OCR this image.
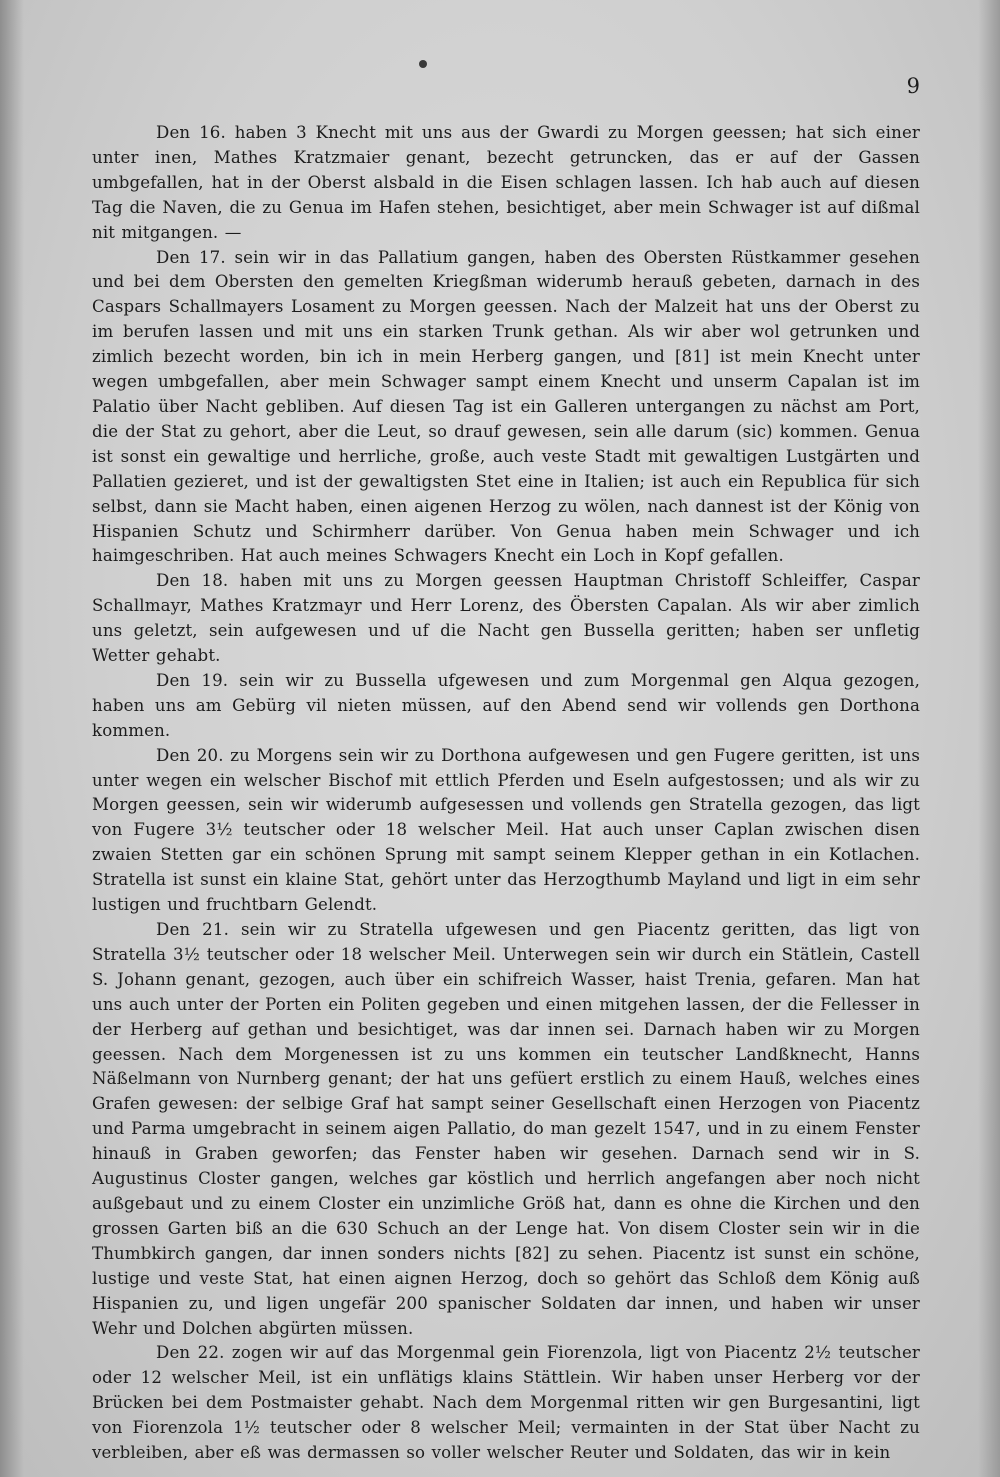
9

Den 16. haben 3 Knecht mit uns aus der Gwardi zu Morgen geessen; hat sich einer unter inen, Mathes Kratzmaier genant, bezecht getruncken, das er auf der Gassen umbgefallen, hat in der Oberst alsbald in die Eisen schlagen lassen. Ich hab auch auf diesen Tag die Naven, die zu Genua im Hafen stehen, besichtiget, aber mein Schwager ist auf dißmal nit mitgangen. —

Den 17. sein wir in das Pallatium gangen, haben des Obersten Rüstkammer gesehen und bei dem Obersten den gemelten Kriegßman widerumb herauß gebeten, darnach in des Caspars Schallmayers Losament zu Morgen geessen. Nach der Malzeit hat uns der Oberst zu im berufen lassen und mit uns ein starken Trunk gethan. Als wir aber wol getrunken und zimlich bezecht worden, bin ich in mein Herberg gangen, und [81] ist mein Knecht unter wegen umbgefallen, aber mein Schwager sampt einem Knecht und unserm Capalan ist im Palatio über Nacht gebliben. Auf diesen Tag ist ein Galleren untergangen zu nächst am Port, die der Stat zu gehort, aber die Leut, so drauf gewesen, sein alle darum (sic) kommen. Genua ist sonst ein gewaltige und herrliche, große, auch veste Stadt mit gewaltigen Lustgärten und Pallatien gezieret, und ist der gewaltigsten Stet eine in Italien; ist auch ein Republica für sich selbst, dann sie Macht haben, einen aigenen Herzog zu wölen, nach dannest ist der König von Hispanien Schutz und Schirmherr darüber. Von Genua haben mein Schwager und ich haimgeschriben. Hat auch meines Schwagers Knecht ein Loch in Kopf gefallen.

Den 18. haben mit uns zu Morgen geessen Hauptman Christoff Schleiffer, Caspar Schallmayr, Mathes Kratzmayr und Herr Lorenz, des Öbersten Capalan. Als wir aber zimlich uns geletzt, sein aufgewesen und uf die Nacht gen Bussella geritten; haben ser unfletig Wetter gehabt.

Den 19. sein wir zu Bussella ufgewesen und zum Morgenmal gen Alqua gezogen, haben uns am Gebürg vil nieten müssen, auf den Abend send wir vollends gen Dorthona kommen.

Den 20. zu Morgens sein wir zu Dorthona aufgewesen und gen Fugere geritten, ist uns unter wegen ein welscher Bischof mit ettlich Pferden und Eseln aufgestossen; und als wir zu Morgen geessen, sein wir widerumb aufgesessen und vollends gen Stratella gezogen, das ligt von Fugere 3½ teutscher oder 18 welscher Meil. Hat auch unser Caplan zwischen disen zwaien Stetten gar ein schönen Sprung mit sampt seinem Klepper gethan in ein Kotlachen. Stratella ist sunst ein klaine Stat, gehört unter das Herzogthumb Mayland und ligt in eim sehr lustigen und fruchtbarn Gelendt.

Den 21. sein wir zu Stratella ufgewesen und gen Piacentz geritten, das ligt von Stratella 3½ teutscher oder 18 welscher Meil. Unterwegen sein wir durch ein Stätlein, Castell S. Johann genant, gezogen, auch über ein schifreich Wasser, haist Trenia, gefaren. Man hat uns auch unter der Porten ein Politen gegeben und einen mitgehen lassen, der die Fellesser in der Herberg auf gethan und besichtiget, was dar innen sei. Darnach haben wir zu Morgen geessen. Nach dem Morgenessen ist zu uns kommen ein teutscher Landßknecht, Hanns Näßelmann von Nurnberg genant; der hat uns gefüert erstlich zu einem Hauß, welches eines Grafen gewesen: der selbige Graf hat sampt seiner Gesellschaft einen Herzogen von Piacentz und Parma umgebracht in seinem aigen Pallatio, do man gezelt 1547, und in zu einem Fenster hinauß in Graben geworfen; das Fenster haben wir gesehen. Darnach send wir in S. Augustinus Closter gangen, welches gar köstlich und herrlich angefangen aber noch nicht außgebaut und zu einem Closter ein unzimliche Größ hat, dann es ohne die Kirchen und den grossen Garten biß an die 630 Schuch an der Lenge hat. Von disem Closter sein wir in die Thumbkirch gangen, dar innen sonders nichts [82] zu sehen. Piacentz ist sunst ein schöne, lustige und veste Stat, hat einen aignen Herzog, doch so gehört das Schloß dem König auß Hispanien zu, und ligen ungefär 200 spanischer Soldaten dar innen, und haben wir unser Wehr und Dolchen abgürten müssen.

Den 22. zogen wir auf das Morgenmal gein Fiorenzola, ligt von Piacentz 2½ teutscher oder 12 welscher Meil, ist ein unflätigs klains Stättlein. Wir haben unser Herberg vor der Brücken bei dem Postmaister gehabt. Nach dem Morgenmal ritten wir gen Burgesantini, ligt von Fiorenzola 1½ teutscher oder 8 welscher Meil; vermainten in der Stat über Nacht zu verbleiben, aber eß was dermassen so voller welscher Reuter und Soldaten, das wir in kein
